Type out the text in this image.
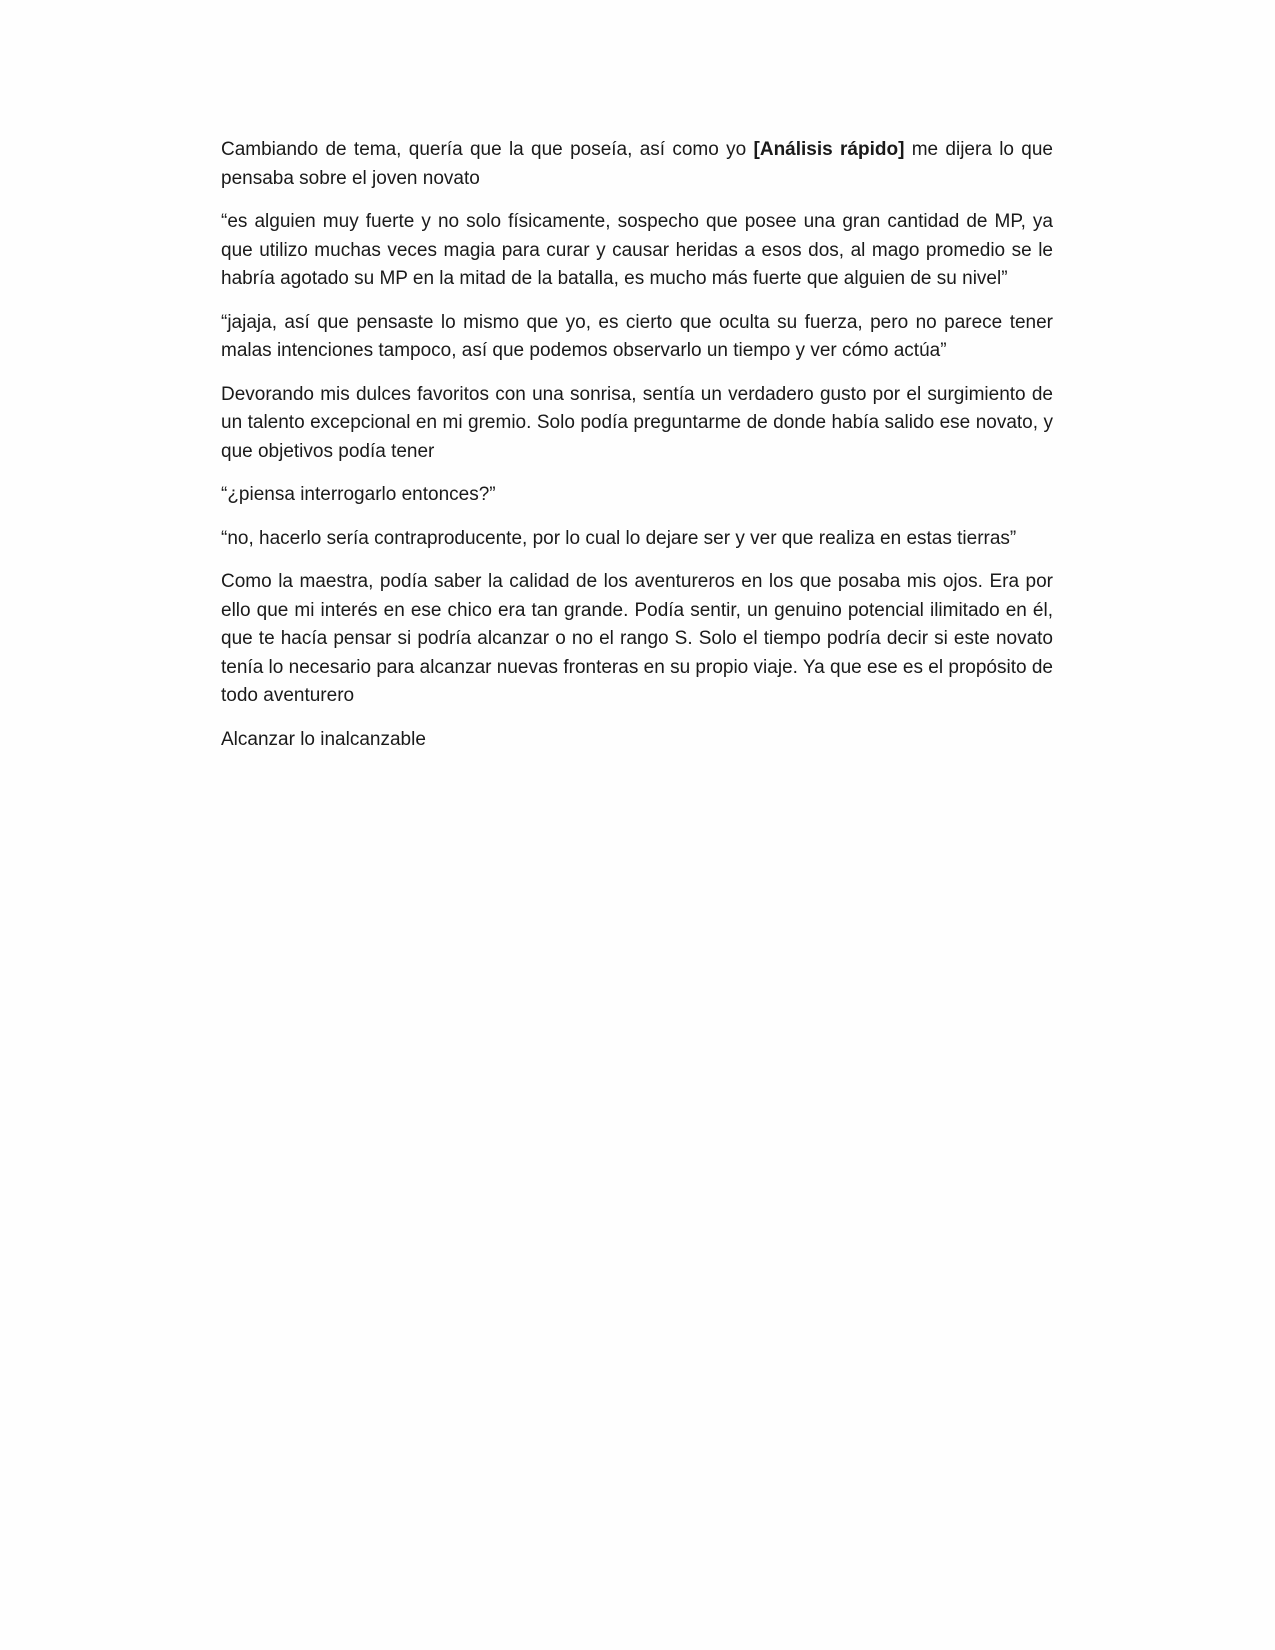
Cambiando de tema, quería que la que poseía, así como yo [Análisis rápido] me dijera lo que pensaba sobre el joven novato

“es alguien muy fuerte y no solo físicamente, sospecho que posee una gran cantidad de MP, ya que utilizo muchas veces magia para curar y causar heridas a esos dos, al mago promedio se le habría agotado su MP en la mitad de la batalla, es mucho más fuerte que alguien de su nivel”

“jajaja, así que pensaste lo mismo que yo, es cierto que oculta su fuerza, pero no parece tener malas intenciones tampoco, así que podemos observarlo un tiempo y ver cómo actúa”

Devorando mis dulces favoritos con una sonrisa, sentía un verdadero gusto por el surgimiento de un talento excepcional en mi gremio. Solo podía preguntarme de donde había salido ese novato, y que objetivos podía tener

“¿piensa interrogarlo entonces?”

“no, hacerlo sería contraproducente, por lo cual lo dejare ser y ver que realiza en estas tierras”

Como la maestra, podía saber la calidad de los aventureros en los que posaba mis ojos. Era por ello que mi interés en ese chico era tan grande. Podía sentir, un genuino potencial ilimitado en él, que te hacía pensar si podría alcanzar o no el rango S. Solo el tiempo podría decir si este novato tenía lo necesario para alcanzar nuevas fronteras en su propio viaje. Ya que ese es el propósito de todo aventurero

Alcanzar lo inalcanzable
